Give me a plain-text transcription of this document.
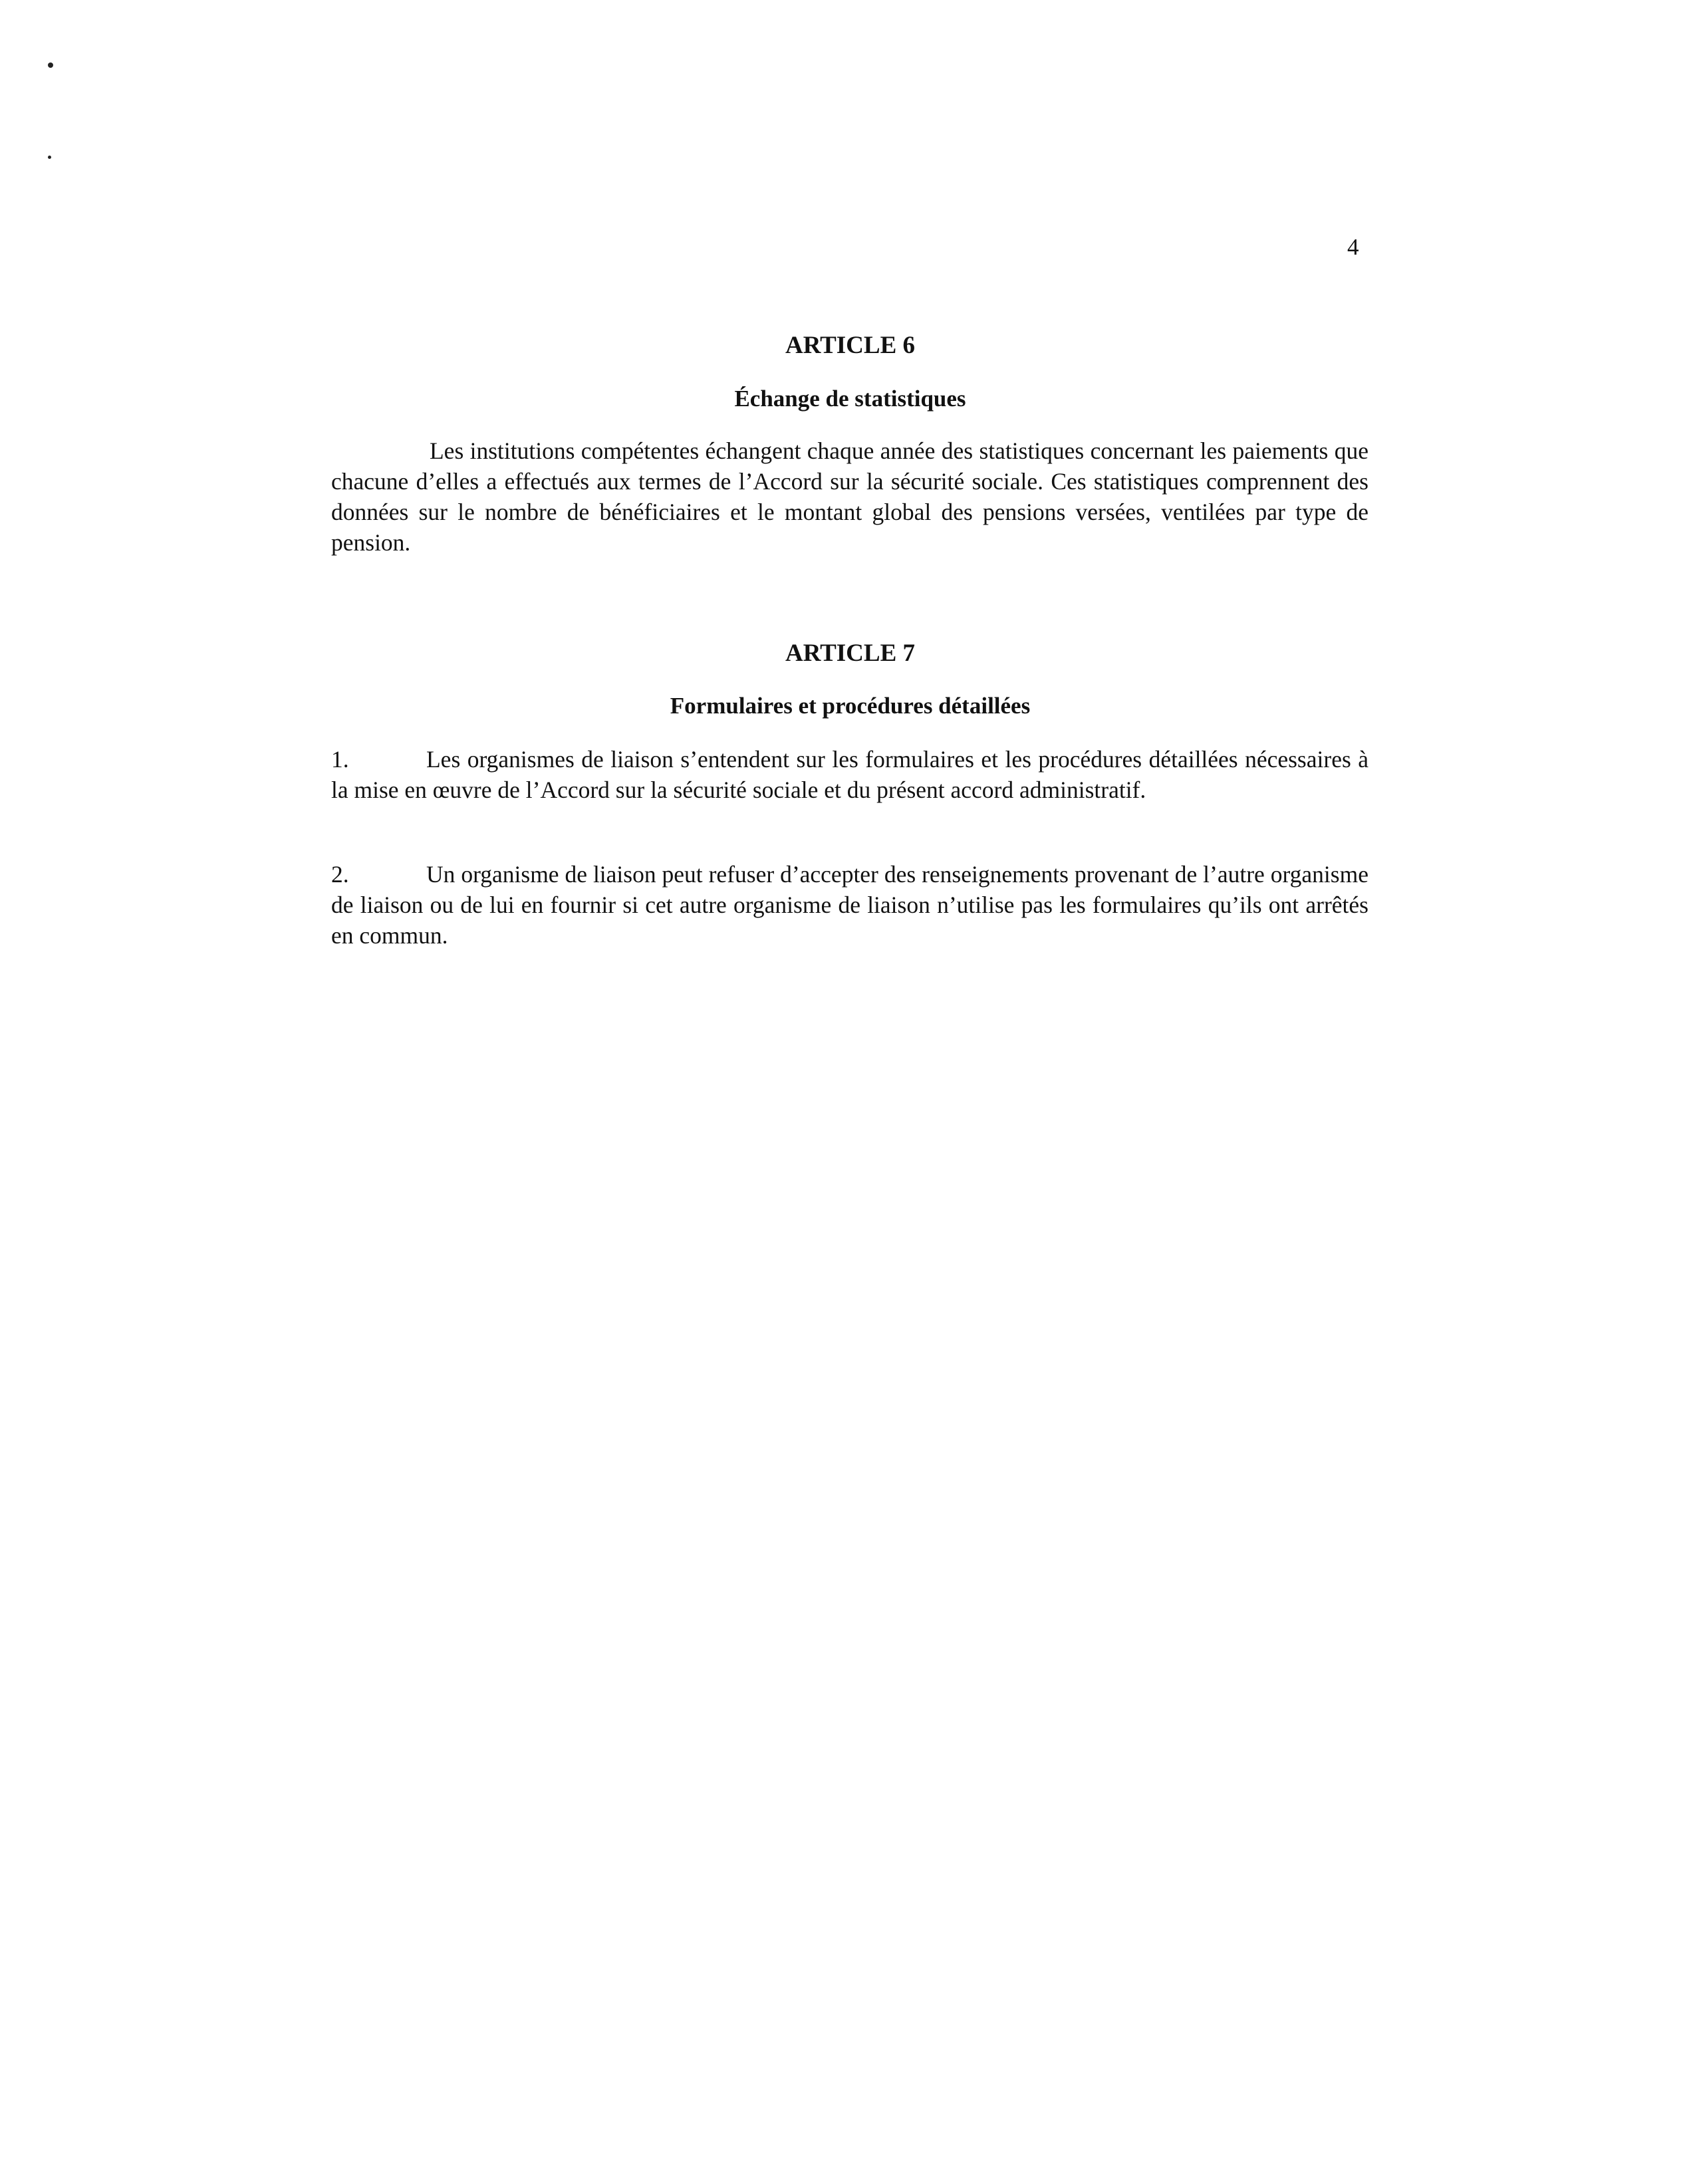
4
ARTICLE 6
Échange de statistiques
Les institutions compétentes échangent chaque année des statistiques concernant les paiements que chacune d’elles a effectués aux termes de l’Accord sur la sécurité sociale. Ces statistiques comprennent des données sur le nombre de bénéficiaires et le montant global des pensions versées, ventilées par type de pension.
ARTICLE 7
Formulaires et procédures détaillées
1.	Les organismes de liaison s’entendent sur les formulaires et les procédures détaillées nécessaires à la mise en œuvre de l’Accord sur la sécurité sociale et du présent accord administratif.
2.	Un organisme de liaison peut refuser d’accepter des renseignements provenant de l’autre organisme de liaison ou de lui en fournir si cet autre organisme de liaison n’utilise pas les formulaires qu’ils ont arrêtés en commun.
